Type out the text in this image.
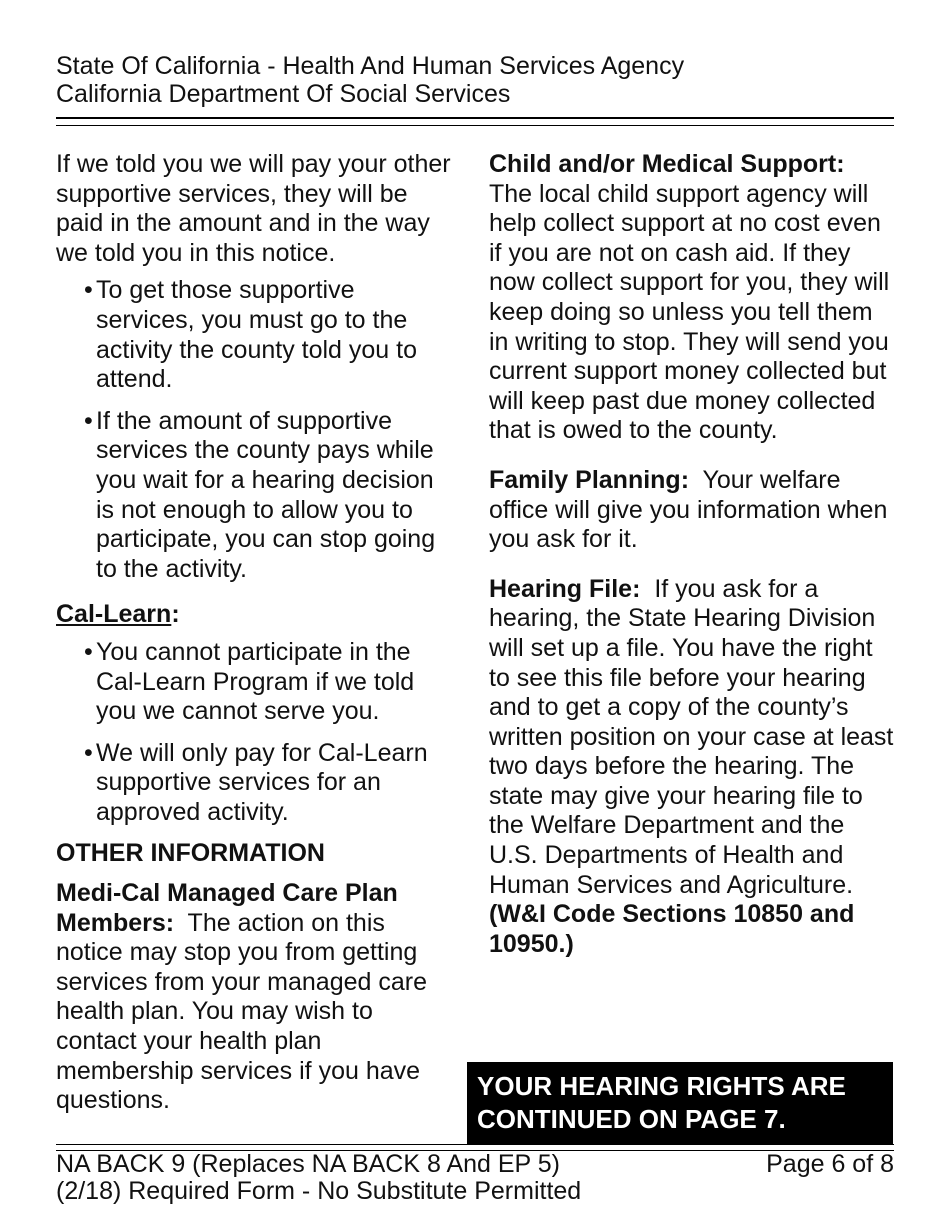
State Of California - Health And Human Services Agency
California Department Of Social Services

If we told you we will pay your other supportive services, they will be paid in the amount and in the way we told you in this notice.

• To get those supportive services, you must go to the activity the county told you to attend.
• If the amount of supportive services the county pays while you wait for a hearing decision is not enough to allow you to participate, you can stop going to the activity.

Cal-Learn:

• You cannot participate in the Cal-Learn Program if we told you we cannot serve you.
• We will only pay for Cal-Learn supportive services for an approved activity.

OTHER INFORMATION

Medi-Cal Managed Care Plan Members: The action on this notice may stop you from getting services from your managed care health plan. You may wish to contact your health plan membership services if you have questions.

Child and/or Medical Support: The local child support agency will help collect support at no cost even if you are not on cash aid. If they now collect support for you, they will keep doing so unless you tell them in writing to stop. They will send you current support money collected but will keep past due money collected that is owed to the county.

Family Planning: Your welfare office will give you information when you ask for it.

Hearing File: If you ask for a hearing, the State Hearing Division will set up a file. You have the right to see this file before your hearing and to get a copy of the county’s written position on your case at least two days before the hearing. The state may give your hearing file to the Welfare Department and the U.S. Departments of Health and Human Services and Agriculture.  (W&I Code Sections 10850 and 10950.)

YOUR HEARING RIGHTS ARE
CONTINUED ON PAGE 7.
NA BACK 9 (Replaces NA BACK 8 And EP 5)	Page 6 of 8
(2/18) Required Form - No Substitute Permitted
